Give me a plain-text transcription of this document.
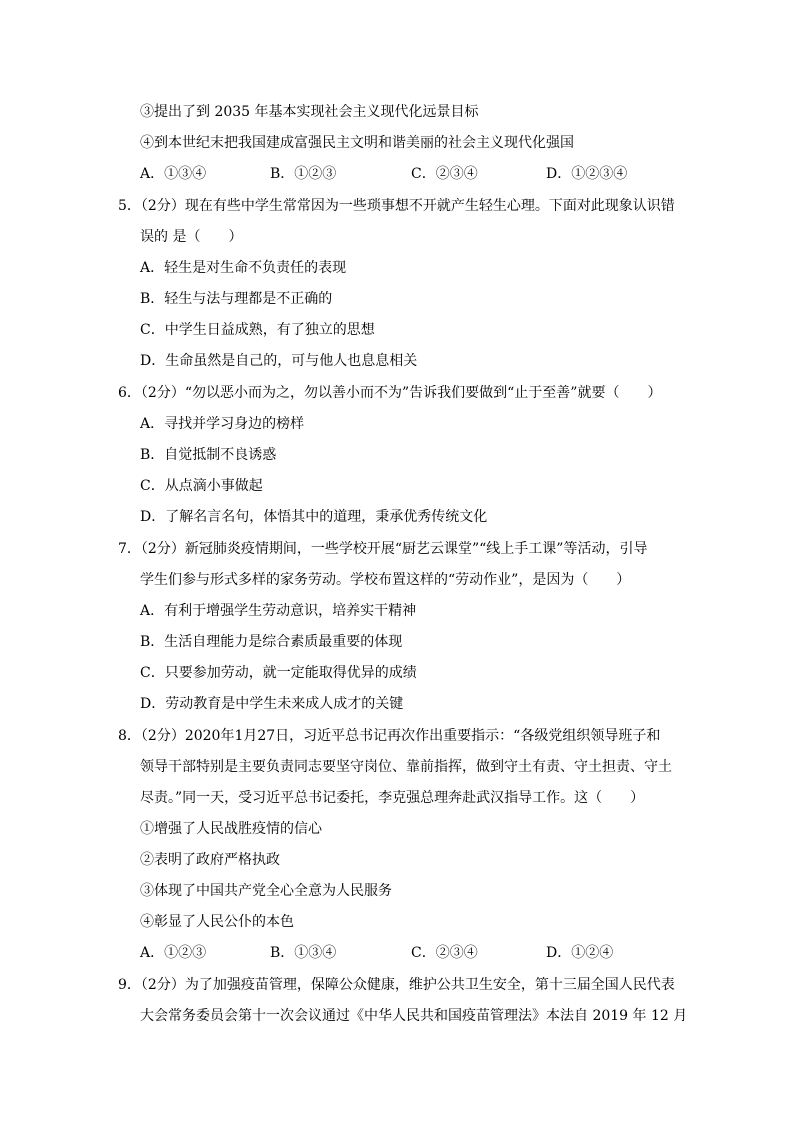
③提出了到 2035 年基本实现社会主义现代化远景目标
④到本世纪末把我国建成富强民主文明和谐美丽的社会主义现代化强国
A．①③④	B．①②③	C．②③④	D．①②③④
5．（2分）现在有些中学生常常因为一些琐事想不开就产生轻生心理。下面对此现象认识错
误的 是（　　）
A．轻生是对生命不负责任的表现
B．轻生与法与理都是不正确的
C．中学生日益成熟，有了独立的思想
D．生命虽然是自己的，可与他人也息息相关
6．（2分）“勿以恶小而为之，勿以善小而不为”告诉我们要做到“止于至善”就要（　　）
A．寻找并学习身边的榜样
B．自觉抵制不良诱惑
C．从点滴小事做起
D．了解名言名句，体悟其中的道理，秉承优秀传统文化
7．（2分）新冠肺炎疫情期间，一些学校开展“厨艺云课堂”“线上手工课”等活动，引导
学生们参与形式多样的家务劳动。学校布置这样的“劳动作业”，是因为（　　）
A．有利于增强学生劳动意识，培养实干精神
B．生活自理能力是综合素质最重要的体现
C．只要参加劳动，就一定能取得优异的成绩
D．劳动教育是中学生未来成人成才的关键
8．（2分）2020年1月27日，习近平总书记再次作出重要指示：“各级党组织领导班子和
领导干部特别是主要负责同志要坚守岗位、靠前指挥，做到守土有责、守土担责、守土
尽责。”同一天，受习近平总书记委托，李克强总理奔赴武汉指导工作。这（　　）
①增强了人民战胜疫情的信心
②表明了政府严格执政
③体现了中国共产党全心全意为人民服务
④彰显了人民公仆的本色
A．①②③	B．①③④	C．②③④	D．①②④
9．（2分）为了加强疫苗管理，保障公众健康，维护公共卫生安全，第十三届全国人民代表
大会常务委员会第十一次会议通过《中华人民共和国疫苗管理法》本法自 2019 年 12 月
